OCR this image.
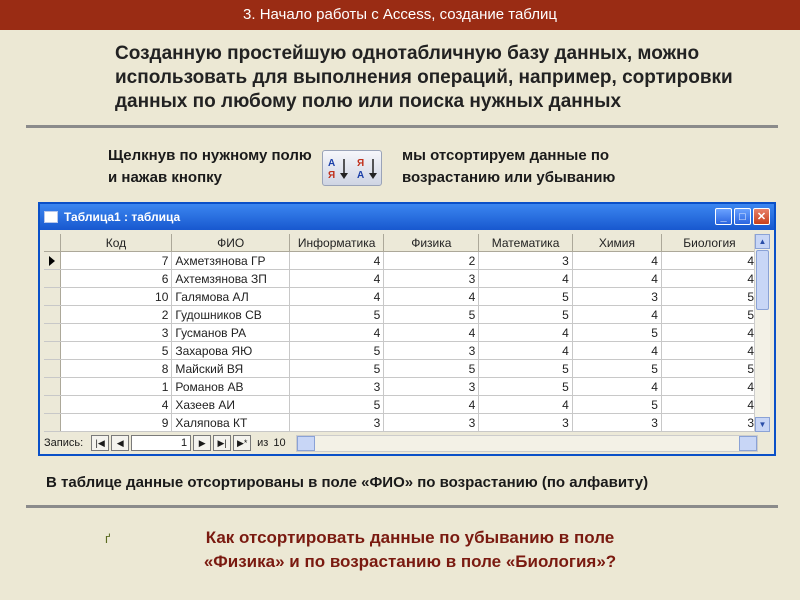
3. Начало работы с Access, создание таблиц
Созданную простейшую однотабличную базу данных, можно использовать для выполнения операций, например, сортировки данных по любому полю или поиска нужных данных
Щелкнув по нужному полю и нажав кнопку
А
Я
Я
А
мы отсортируем данные по возрастанию или убыванию
Таблица1 : таблица	_	□	✕
	Код	ФИО	Информатика	Физика	Математика	Химия	Биология

	7	Ахметзянова ГР	4	2	3	4	4
	6	Ахтемзянова ЗП	4	3	4	4	4
	10	Галямова АЛ	4	4	5	3	5
	2	Гудошников СВ	5	5	5	4	5
	3	Гусманов РА	4	4	4	5	4
	5	Захарова ЯЮ	5	3	4	4	4
	8	Майский ВЯ	5	5	5	5	5
	1	Романов АВ	3	3	5	4	4
	4	Хазеев АИ	5	4	4	5	4
	9	Халяпова КТ	3	3	3	3	3
▲
▼
Запись:	|◀	◀	1	▶	▶|	▶* из 10
В таблице данные отсортированы в поле «ФИО» по возрастанию (по алфавиту)
ґ	Как отсортировать данные по убыванию в поле
«Физика» и по возрастанию в поле «Биология»?
